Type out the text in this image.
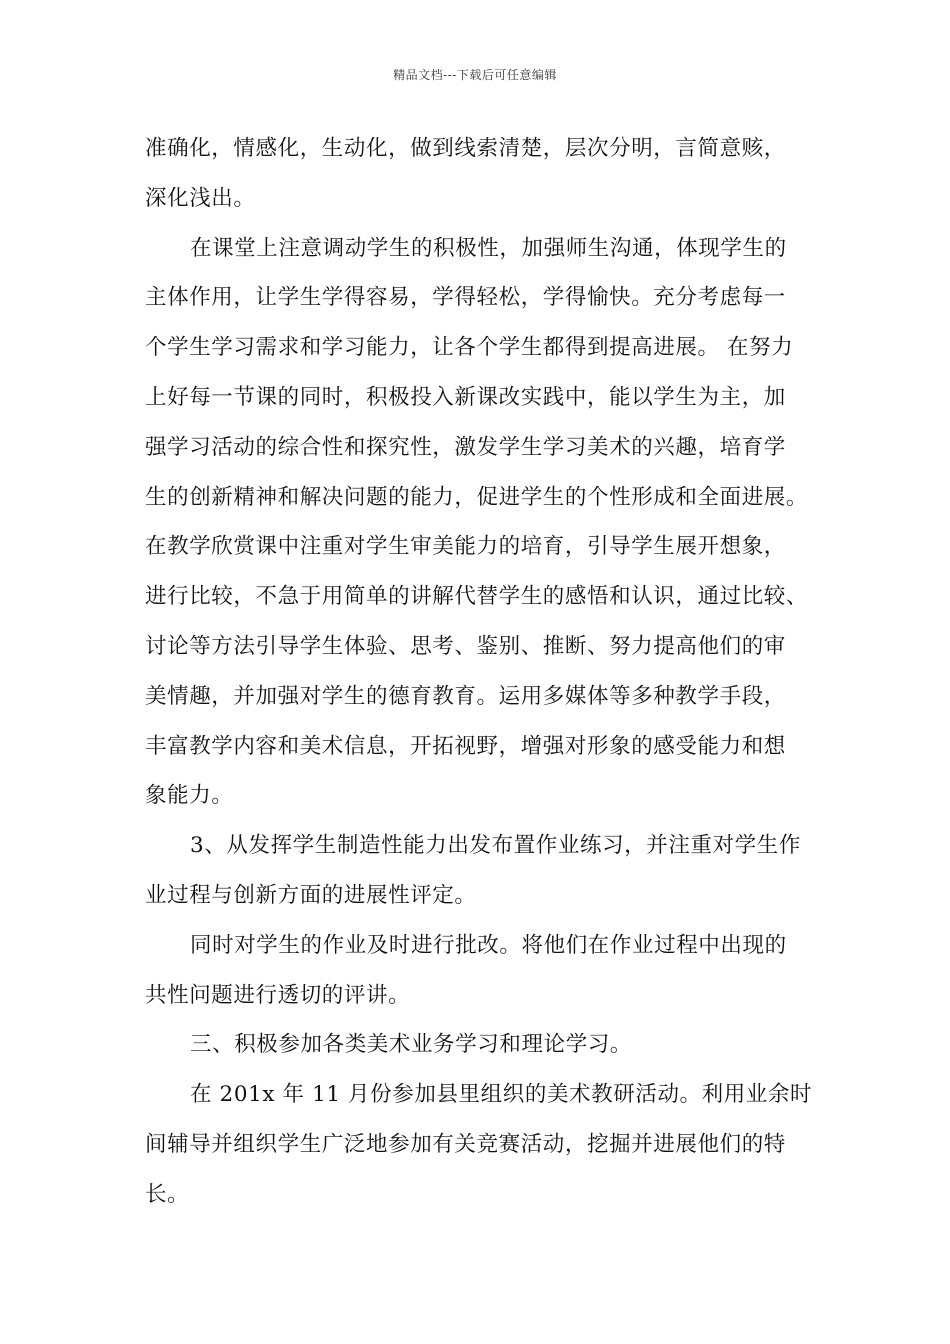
精品文档---下载后可任意编辑
准确化，情感化，生动化，做到线索清楚，层次分明，言简意赅，
深化浅出。
在课堂上注意调动学生的积极性，加强师生沟通，体现学生的
主体作用，让学生学得容易，学得轻松，学得愉快。充分考虑每一
个学生学习需求和学习能力，让各个学生都得到提高进展。 在努力
上好每一节课的同时，积极投入新课改实践中，能以学生为主，加
强学习活动的综合性和探究性，激发学生学习美术的兴趣，培育学
生的创新精神和解决问题的能力，促进学生的个性形成和全面进展。
在教学欣赏课中注重对学生审美能力的培育，引导学生展开想象，
进行比较，不急于用简单的讲解代替学生的感悟和认识，通过比较、
讨论等方法引导学生体验、思考、鉴别、推断、努力提高他们的审
美情趣，并加强对学生的德育教育。运用多媒体等多种教学手段，
丰富教学内容和美术信息，开拓视野，增强对形象的感受能力和想
象能力。
3、从发挥学生制造性能力出发布置作业练习，并注重对学生作
业过程与创新方面的进展性评定。
同时对学生的作业及时进行批改。将他们在作业过程中出现的
共性问题进行透切的评讲。
三、积极参加各类美术业务学习和理论学习。
在 201x 年 11 月份参加县里组织的美术教研活动。利用业余时
间辅导并组织学生广泛地参加有关竞赛活动，挖掘并进展他们的特
长。
